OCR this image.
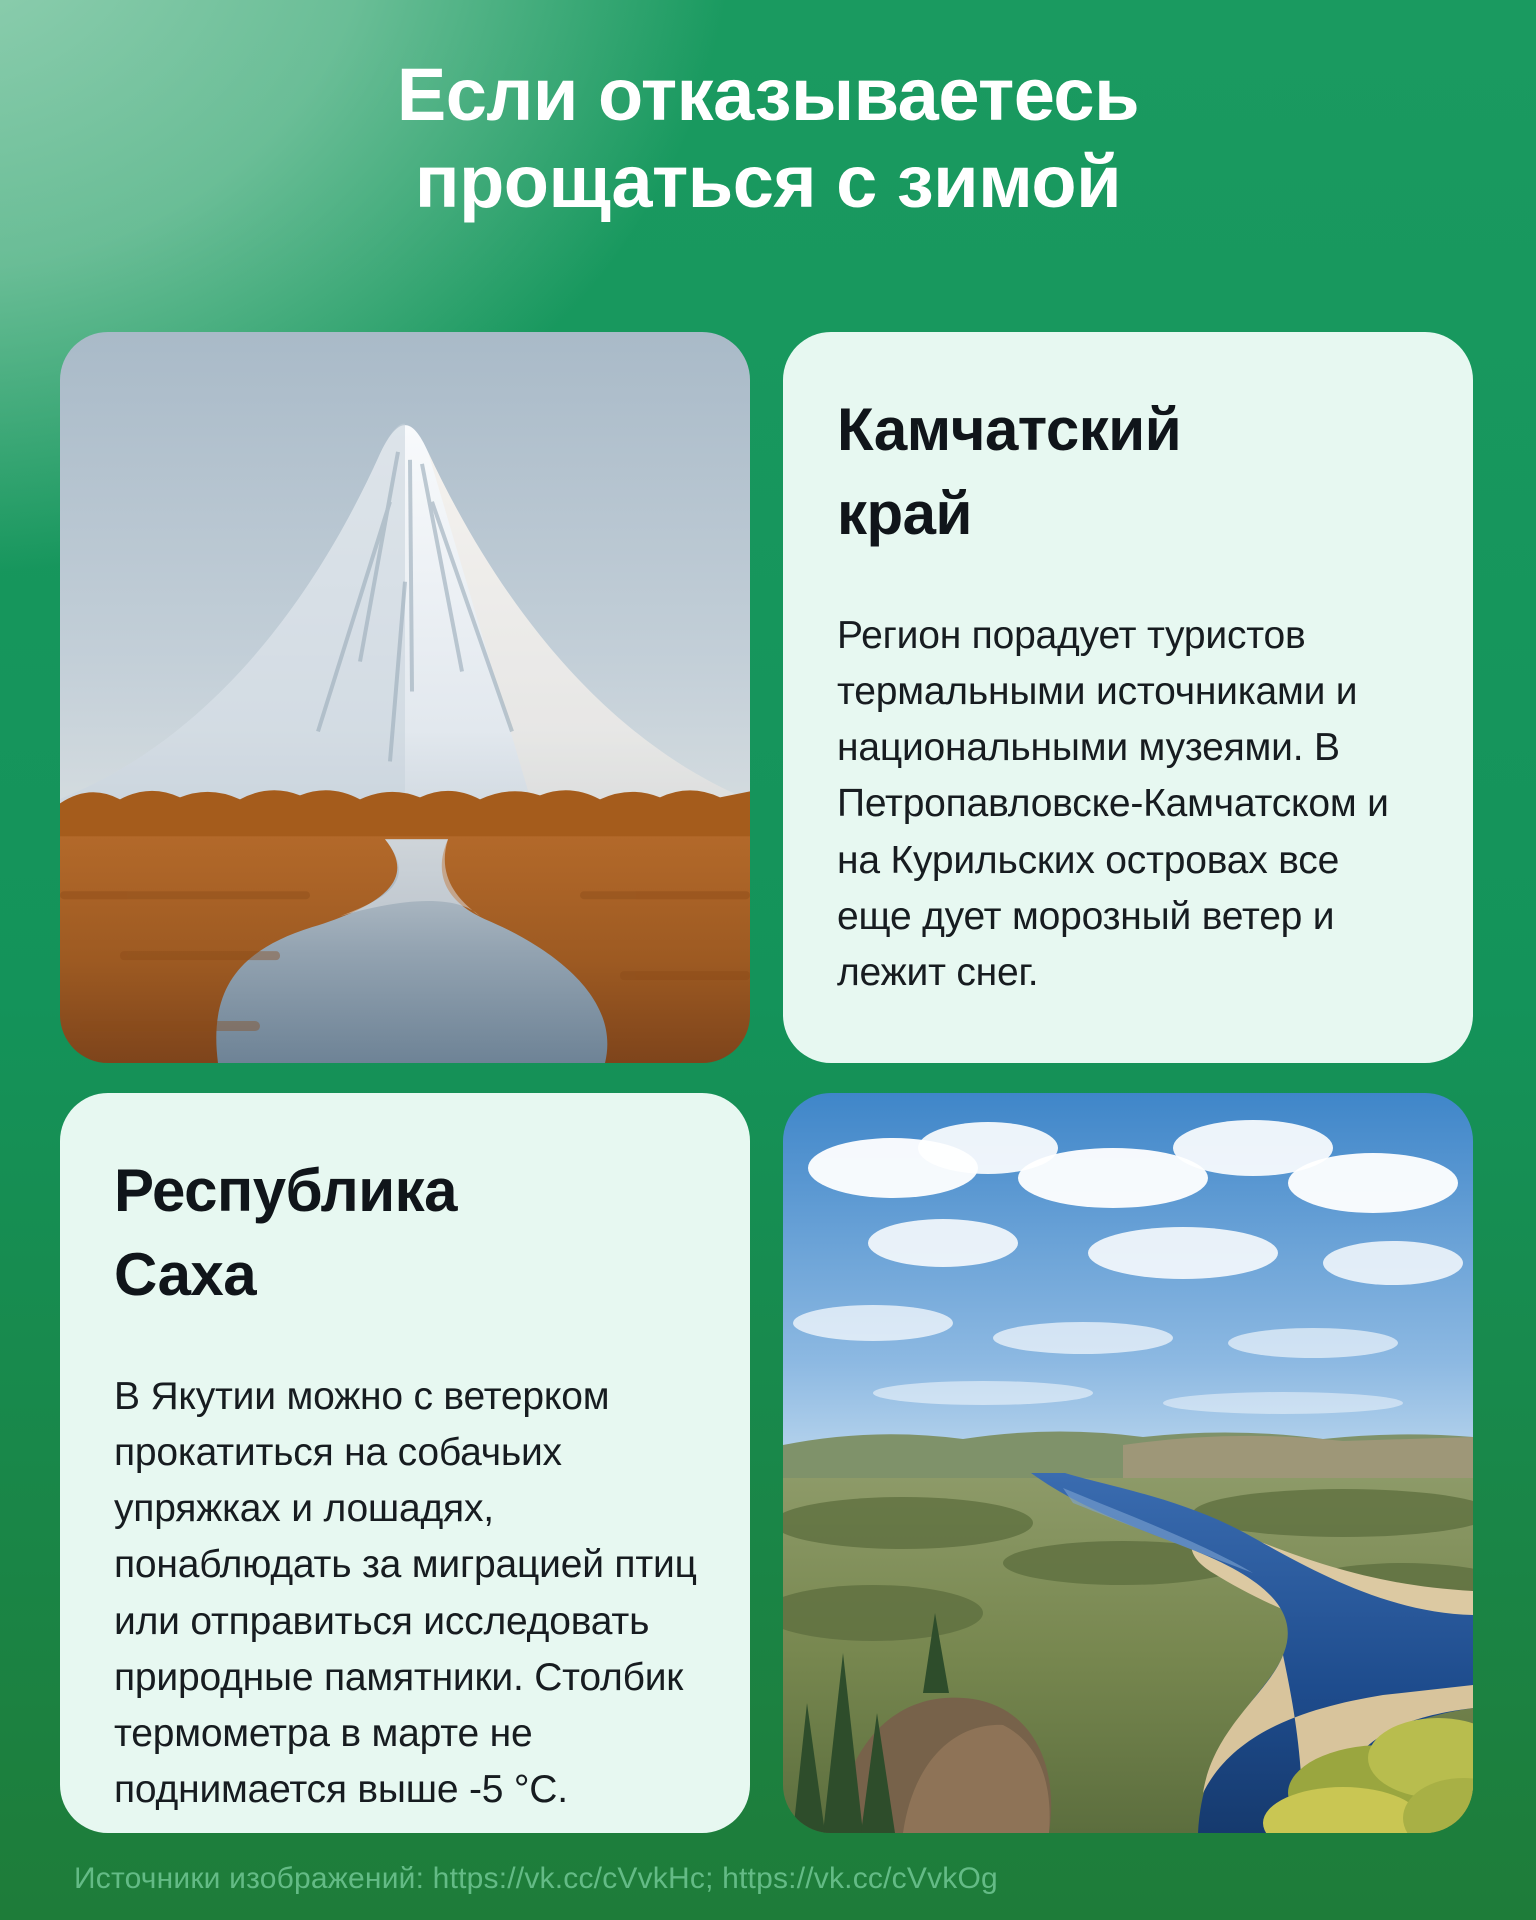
Если отказываетесь
прощаться с зимой
Камчатский
край

Регион порадует туристов термальными источниками и национальными музеями. В Петропавловске-Камчатском и на Курильских островах все еще дует морозный ветер и лежит снег.

Республика
Саха

В Якутии можно с ветерком прокатиться на собачьих упряжках и лошадях, понаблюдать за миграцией птиц или отправиться исследовать природные памятники. Столбик термометра в марте не поднимается выше -5 °С.

Источники изображений: https://vk.cc/cVvkHc; https://vk.cc/cVvkOg
